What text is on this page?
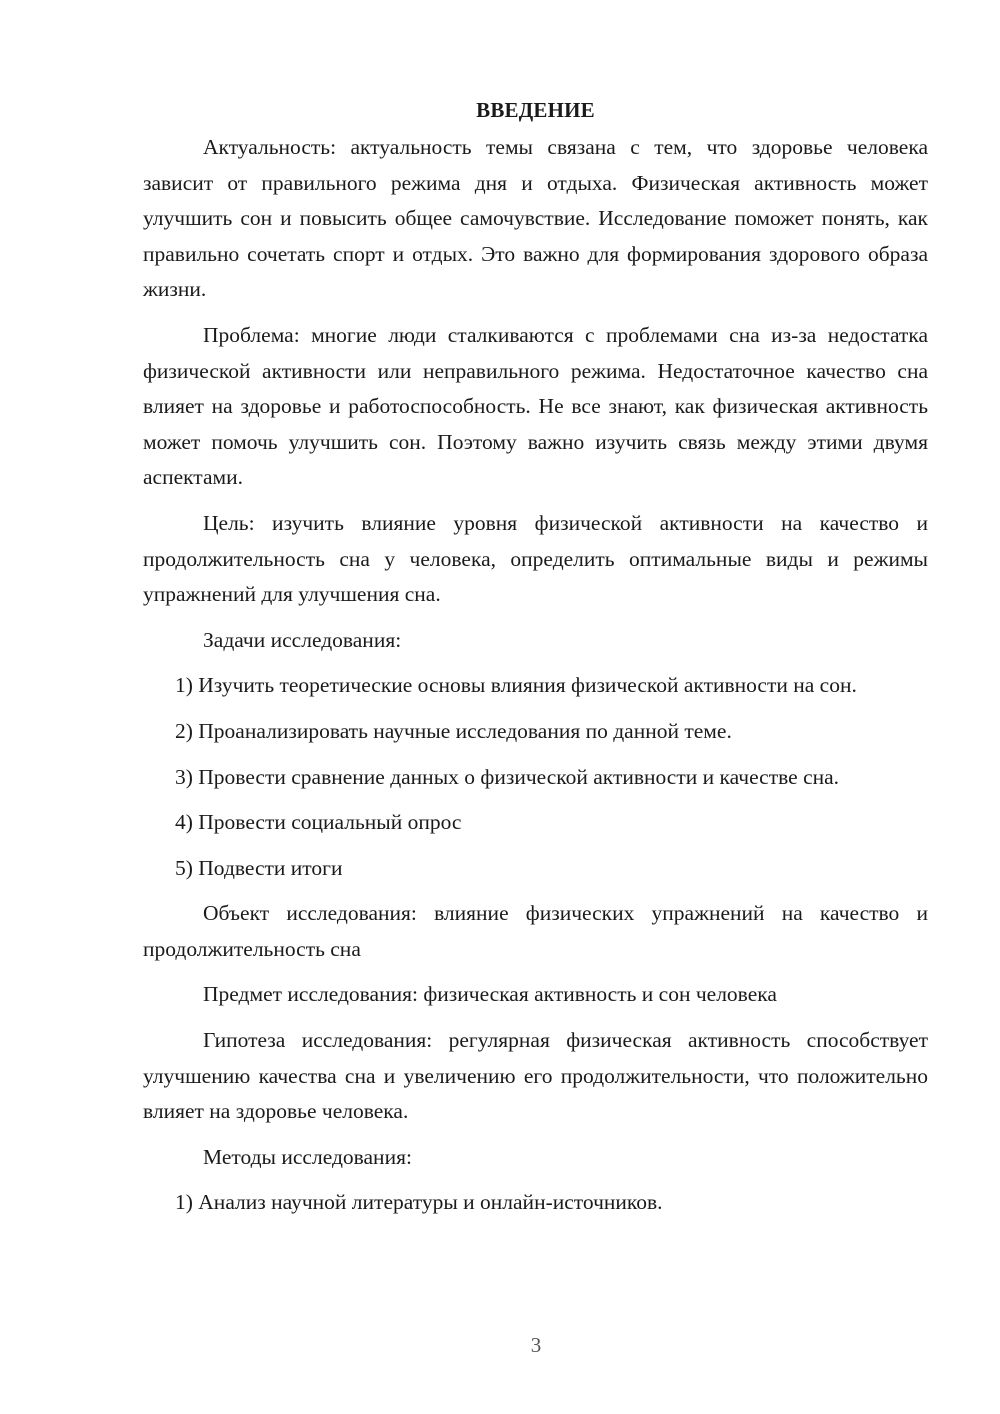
ВВЕДЕНИЕ

Актуальность: актуальность темы связана с тем, что здоровье человека зависит от правильного режима дня и отдыха. Физическая активность может улучшить сон и повысить общее самочувствие. Исследование поможет понять, как правильно сочетать спорт и отдых. Это важно для формирования здорового образа жизни.

Проблема: многие люди сталкиваются с проблемами сна из-за недостатка физической активности или неправильного режима. Недостаточное качество сна влияет на здоровье и работоспособность. Не все знают, как физическая активность может помочь улучшить сон. Поэтому важно изучить связь между этими двумя аспектами.

Цель: изучить влияние уровня физической активности на качество и продолжительность сна у человека, определить оптимальные виды и режимы упражнений для улучшения сна.

Задачи исследования:

1) Изучить теоретические основы влияния физической активности на сон.

2) Проанализировать научные исследования по данной теме.

3) Провести сравнение данных о физической активности и качестве сна.

4) Провести социальный опрос

5) Подвести итоги

Объект исследования: влияние физических упражнений на качество и продолжительность сна

Предмет исследования: физическая активность и сон человека

Гипотеза исследования: регулярная физическая активность способствует улучшению качества сна и увеличению его продолжительности, что положительно влияет на здоровье человека.

Методы исследования:

1) Анализ научной литературы и онлайн-источников.

3
